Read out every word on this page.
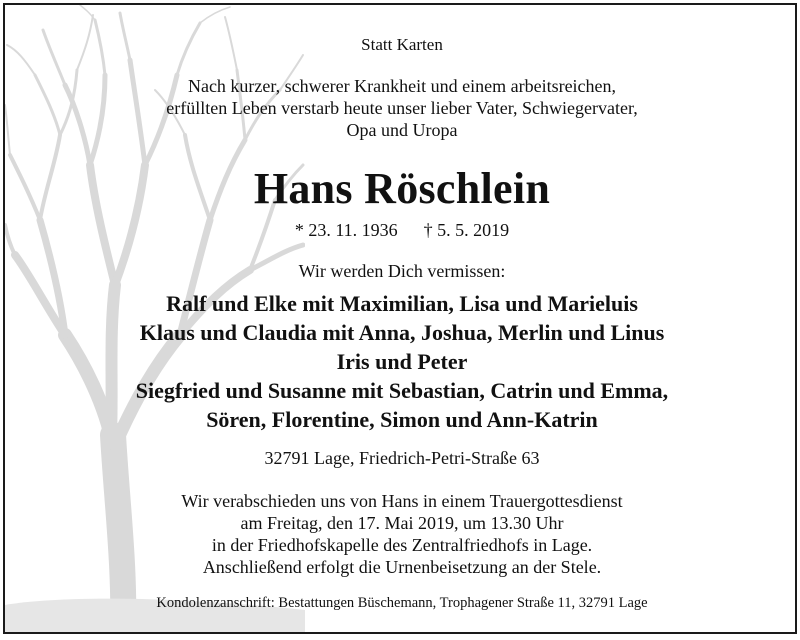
Statt Karten
Nach kurzer, schwerer Krankheit und einem arbeitsreichen,
erfüllten Leben verstarb heute unser lieber Vater, Schwiegervater,
Opa und Uropa
Hans Röschlein
* 23. 11. 1936 † 5. 5. 2019
Wir werden Dich vermissen:
Ralf und Elke mit Maximilian, Lisa und Marieluis
Klaus und Claudia mit Anna, Joshua, Merlin und Linus
Iris und Peter
Siegfried und Susanne mit Sebastian, Catrin und Emma,
Sören, Florentine, Simon und Ann-Katrin
32791 Lage, Friedrich-Petri-Straße 63
Wir verabschieden uns von Hans in einem Trauergottesdienst
am Freitag, den 17. Mai 2019, um 13.30 Uhr
in der Friedhofskapelle des Zentralfriedhofs in Lage.
Anschließend erfolgt die Urnenbeisetzung an der Stele.
Kondolenzanschrift: Bestattungen Büschemann, Trophagener Straße 11, 32791 Lage
